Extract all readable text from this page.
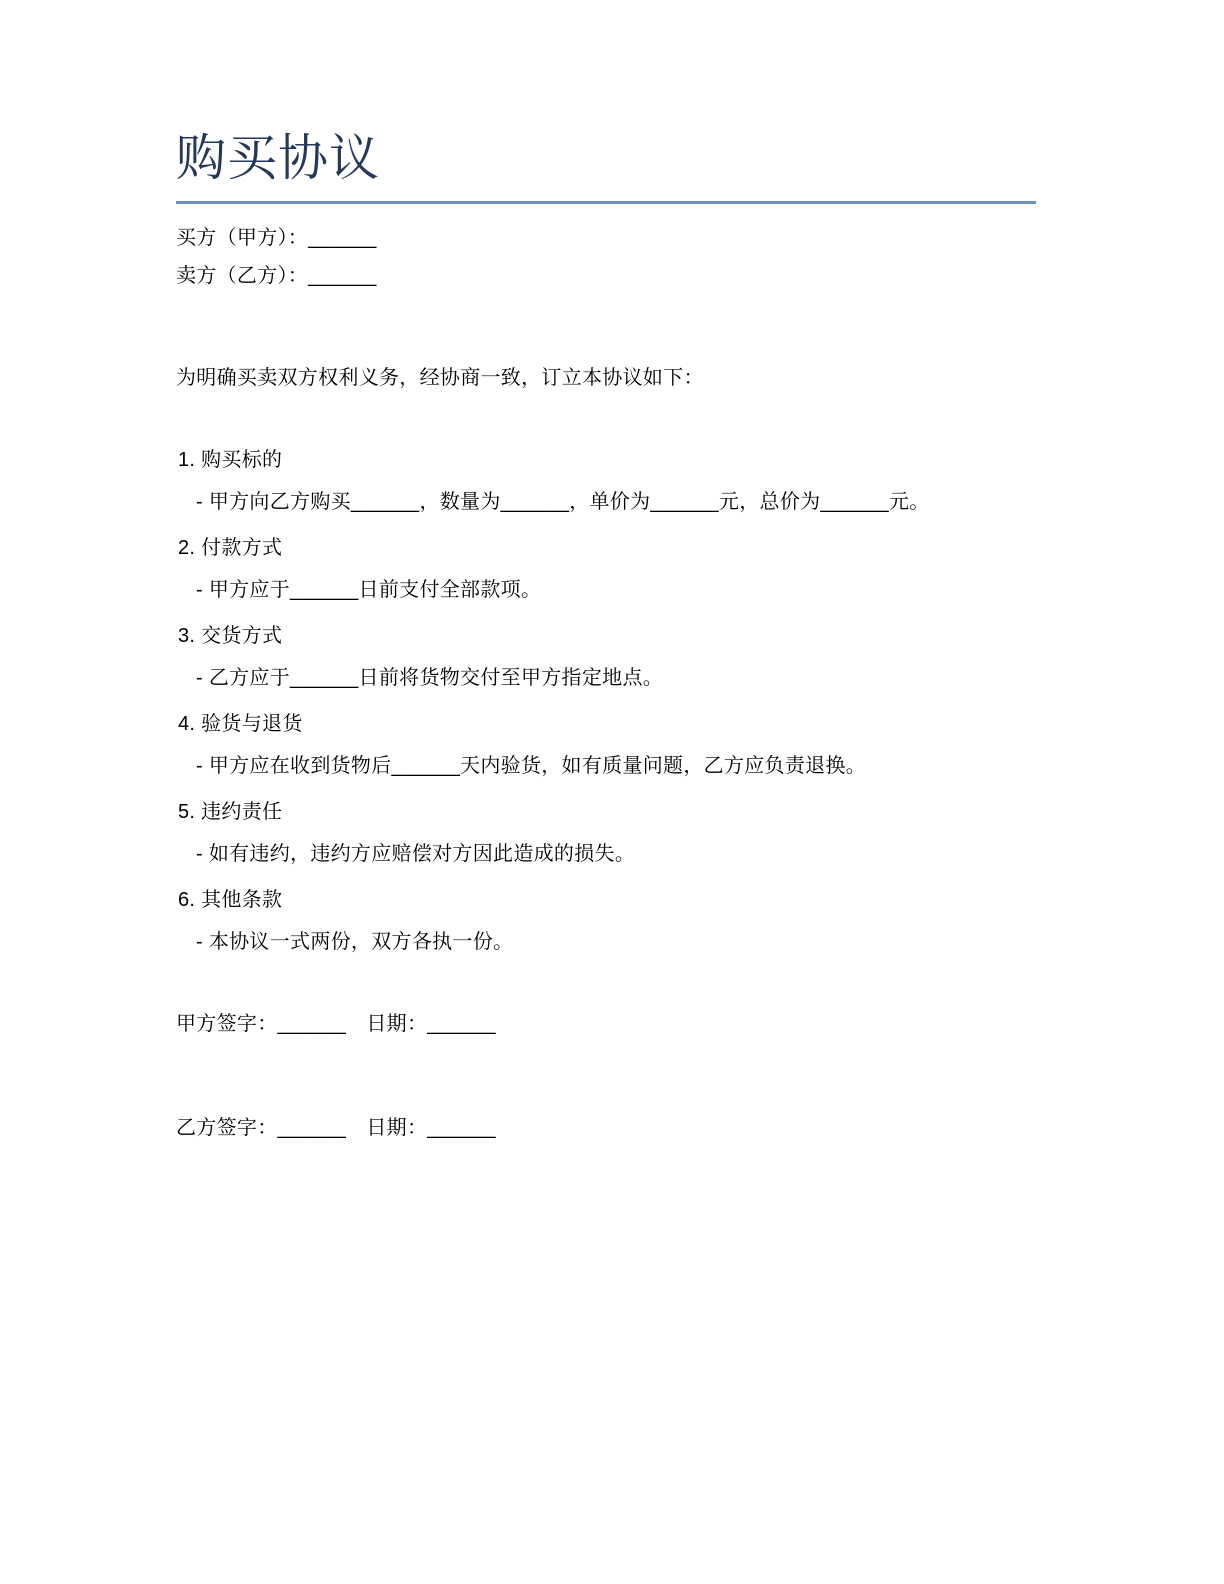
购买协议

买方（甲方）：______

卖方（乙方）：______

为明确买卖双方权利义务，经协商一致，订立本协议如下：

1. 购买标的

- 甲方向乙方购买______，数量为______，单价为______元，总价为______元。

2. 付款方式

- 甲方应于______日前支付全部款项。

3. 交货方式

- 乙方应于______日前将货物交付至甲方指定地点。

4. 验货与退货

- 甲方应在收到货物后______天内验货，如有质量问题，乙方应负责退换。

5. 违约责任

- 如有违约，违约方应赔偿对方因此造成的损失。

6. 其他条款

- 本协议一式两份，双方各执一份。

甲方签字：______　日期：______

乙方签字：______　日期：______
